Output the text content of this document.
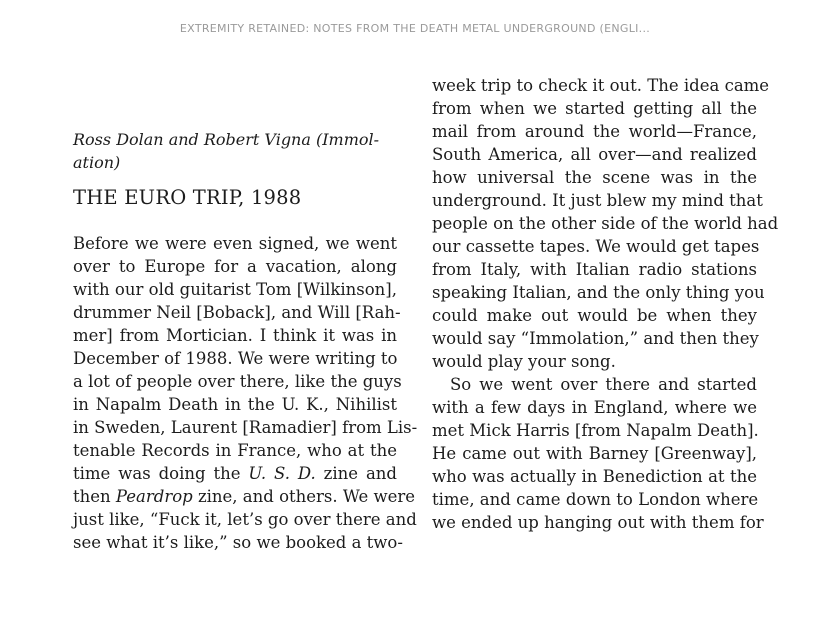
EXTREMITY RETAINED: NOTES FROM THE DEATH METAL UNDERGROUND (ENGLI...

Ross Dolan and Robert Vigna (Immol-
ation)

THE EURO TRIP, 1988
Before we were even signed, we went
over to Europe for a vacation, along
with our old guitarist Tom [Wilkinson],
drummer Neil [Boback], and Will [Rah-
mer] from Mortician. I think it was in
December of 1988. We were writing to
a lot of people over there, like the guys
in Napalm Death in the U. K., Nihilist
in Sweden, Laurent [Ramadier] from Lis-
tenable Records in France, who at the
time was doing the U. S. D. zine and
then Peardrop zine, and others. We were
just like, “Fuck it, let’s go over there and
see what it’s like,” so we booked a two-
week trip to check it out. The idea came
from when we started getting all the
mail from around the world—France,
South America, all over—and realized
how universal the scene was in the
underground. It just blew my mind that
people on the other side of the world had
our cassette tapes. We would get tapes
from Italy, with Italian radio stations
speaking Italian, and the only thing you
could make out would be when they
would say “Immolation,” and then they
would play your song.
So we went over there and started
with a few days in England, where we
met Mick Harris [from Napalm Death].
He came out with Barney [Greenway],
who was actually in Benediction at the
time, and came down to London where
we ended up hanging out with them for
